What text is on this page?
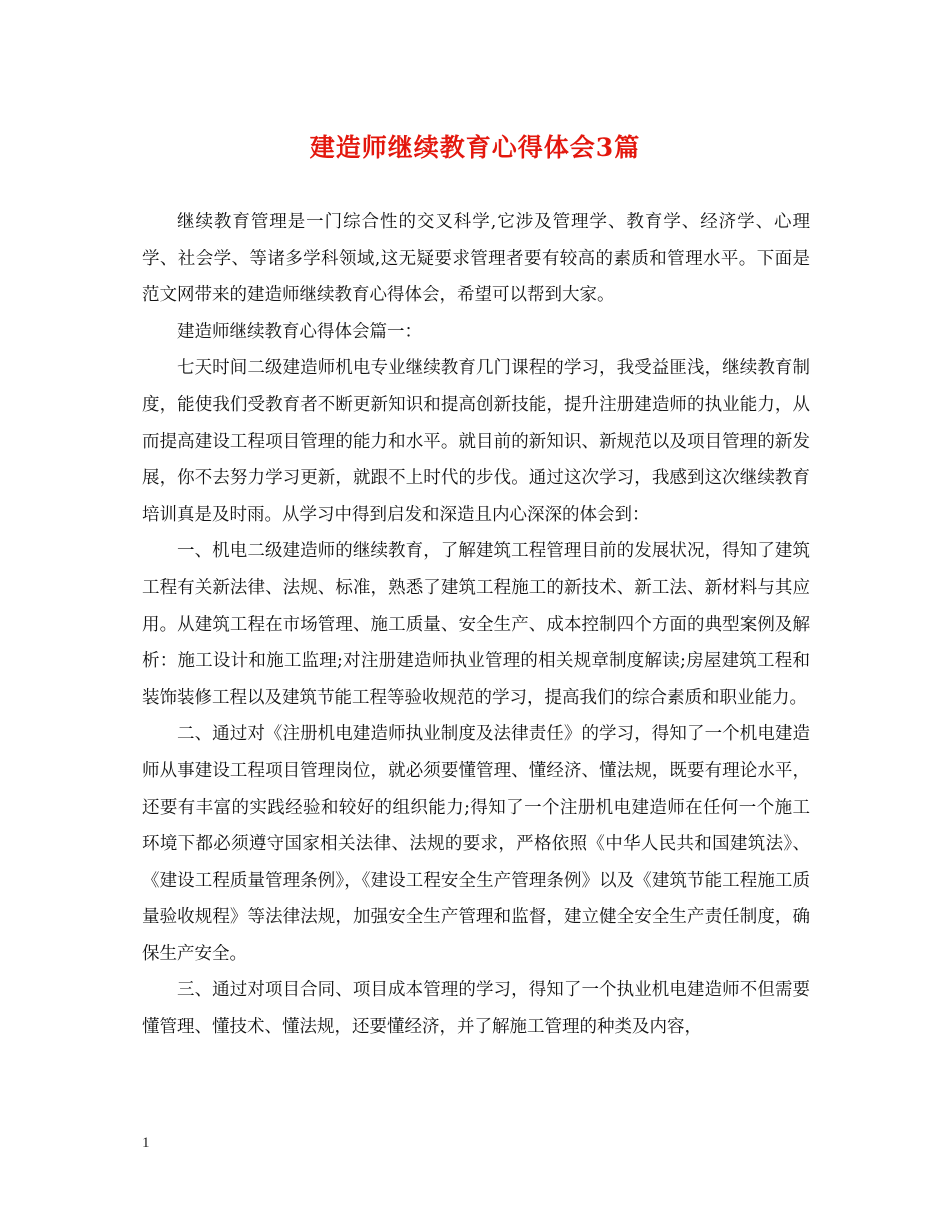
建造师继续教育心得体会3篇

继续教育管理是一门综合性的交叉科学,它涉及管理学、教育学、经济学、心理学、社会学、等诸多学科领域,这无疑要求管理者要有较高的素质和管理水平。下面是范文网带来的建造师继续教育心得体会，希望可以帮到大家。

建造师继续教育心得体会篇一：

七天时间二级建造师机电专业继续教育几门课程的学习，我受益匪浅，继续教育制度，能使我们受教育者不断更新知识和提高创新技能，提升注册建造师的执业能力，从而提高建设工程项目管理的能力和水平。就目前的新知识、新规范以及项目管理的新发展，你不去努力学习更新，就跟不上时代的步伐。通过这次学习，我感到这次继续教育培训真是及时雨。从学习中得到启发和深造且内心深深的体会到：

一、机电二级建造师的继续教育，了解建筑工程管理目前的发展状况，得知了建筑工程有关新法律、法规、标准，熟悉了建筑工程施工的新技术、新工法、新材料与其应用。从建筑工程在市场管理、施工质量、安全生产、成本控制四个方面的典型案例及解析：施工设计和施工监理;对注册建造师执业管理的相关规章制度解读;房屋建筑工程和装饰装修工程以及建筑节能工程等验收规范的学习，提高我们的综合素质和职业能力。

二、通过对《注册机电建造师执业制度及法律责任》的学习，得知了一个机电建造师从事建设工程项目管理岗位，就必须要懂管理、懂经济、懂法规，既要有理论水平，还要有丰富的实践经验和较好的组织能力;得知了一个注册机电建造师在任何一个施工环境下都必须遵守国家相关法律、法规的要求，严格依照《中华人民共和国建筑法》、《建设工程质量管理条例》，《建设工程安全生产管理条例》以及《建筑节能工程施工质量验收规程》等法律法规，加强安全生产管理和监督，建立健全安全生产责任制度，确保生产安全。

三、通过对项目合同、项目成本管理的学习，得知了一个执业机电建造师不但需要懂管理、懂技术、懂法规，还要懂经济，并了解施工管理的种类及内容，

1
